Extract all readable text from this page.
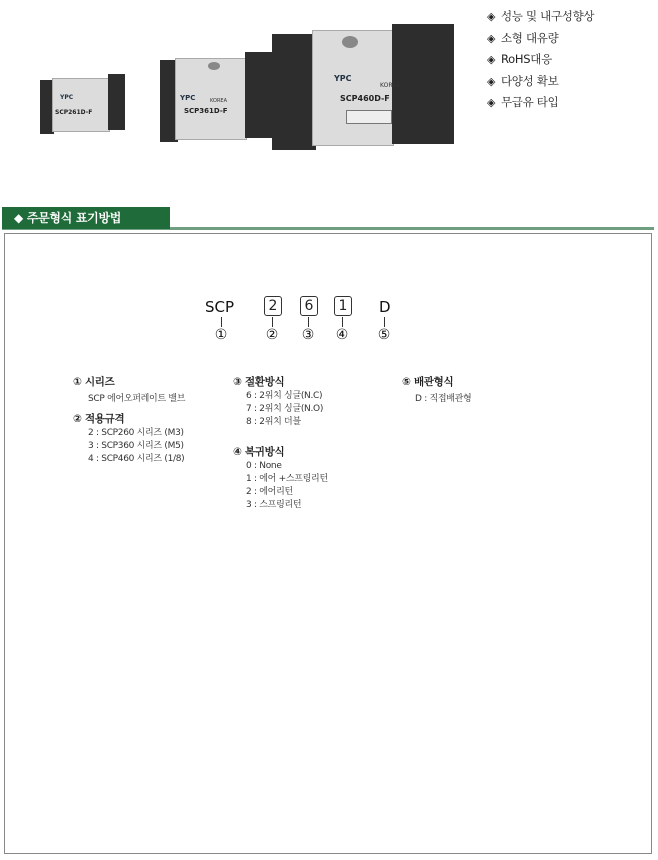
YPC
SCP261D-F
YPC	KOREA
SCP361D-F
YPC
KOREA
SCP460D-F
◈ 성능 및 내구성향상
◈ 소형 대유량
◈ RoHS대응
◈ 다양성 확보
◈ 무급유 타입
◆ 주문형식 표기방법
SCP	2	6	1	D
①	② ③ ④ ⑤
① 시리즈
SCP 에어오퍼레이트 밸브
② 적용규격
2 : SCP260 시리즈 (M3)
3 : SCP360 시리즈 (M5)
4 : SCP460 시리즈 (1/8)
③ 절환방식
6 : 2위치 싱글(N.C)
7 : 2위치 싱글(N.O)
8 : 2위치 더블
④ 복귀방식
0 : None
1 : 에어 +스프링리턴
2 : 에어리턴
3 : 스프링리턴
⑤ 배관형식
D : 직접배관형
